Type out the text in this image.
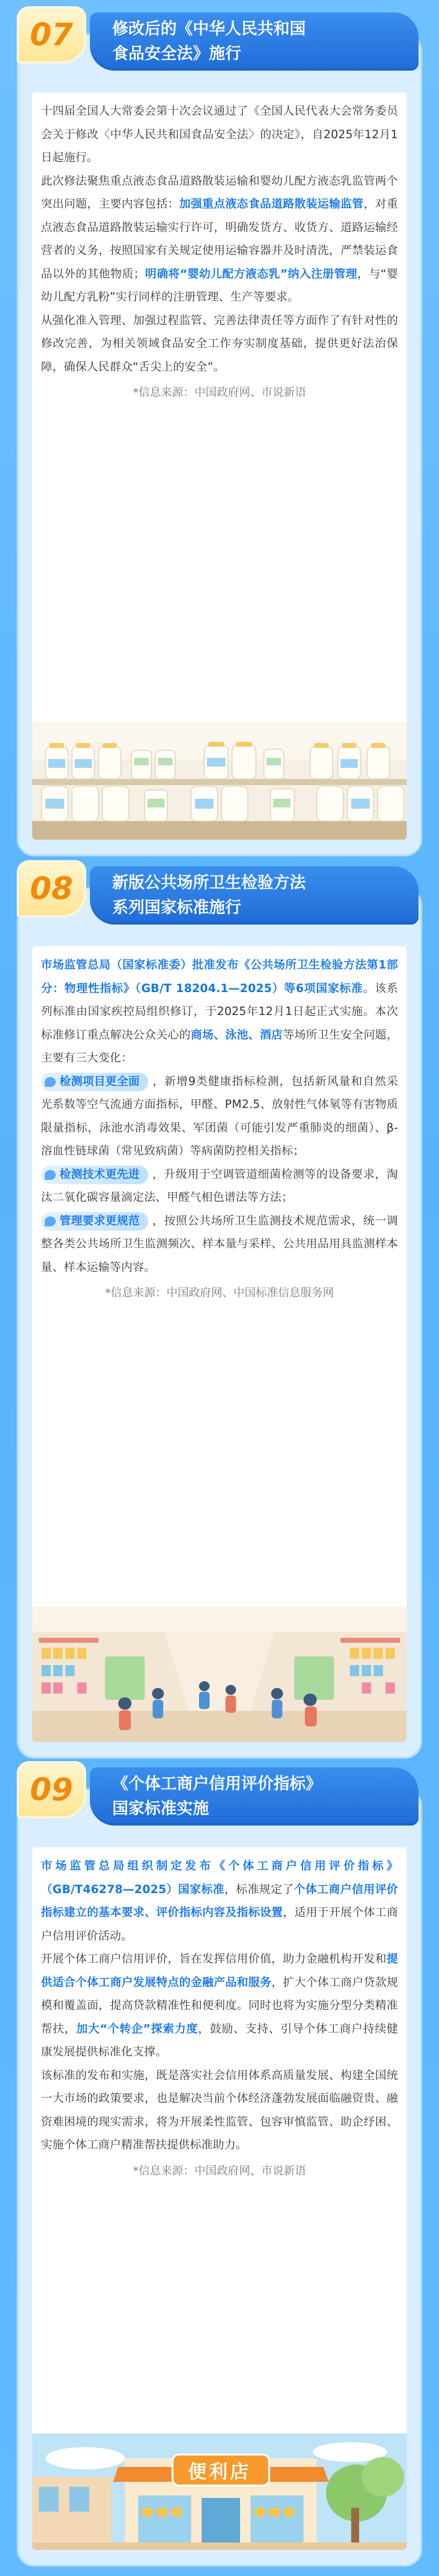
十四届全国人大常委会第十次会议通过了《全国人民代表大会常务委员会关于修改〈中华人民共和国食品安全法〉的决定》，自2025年12月1日起施行。

此次修法聚焦重点液态食品道路散装运输和婴幼儿配方液态乳监管两个突出问题，主要内容包括：加强重点液态食品道路散装运输监管，对重点液态食品道路散装运输实行许可，明确发货方、收货方、道路运输经营者的义务，按照国家有关规定使用运输容器并及时清洗，严禁装运食品以外的其他物质；明确将“婴幼儿配方液态乳”纳入注册管理，与“婴幼儿配方乳粉”实行同样的注册管理、生产等要求。

从强化准入管理、加强过程监管、完善法律责任等方面作了有针对性的修改完善，为相关领域食品安全工作夯实制度基础，提供更好法治保障，确保人民群众“舌尖上的安全”。

*信息来源：中国政府网、市说新语

07	修改后的《中华人民共和国
食品安全法》施行

市场监管总局（国家标准委）批准发布《公共场所卫生检验方法第1部分：物理性指标》（GB/T 18204.1—2025）等6项国家标准。该系列标准由国家疾控局组织修订，于2025年12月1日起正式实施。本次标准修订重点解决公众关心的商场、泳池、酒店等场所卫生安全问题，主要有三大变化：

检测项目更全面 ，新增9类健康指标检测，包括新风量和自然采光系数等空气流通方面指标，甲醛、PM2.5、放射性气体氡等有害物质限量指标，泳池水消毒效果、军团菌（可能引发严重肺炎的细菌）、β-溶血性链球菌（常见致病菌）等病菌防控相关指标；

检测技术更先进 ，升级用于空调管道细菌检测等的设备要求，淘汰二氧化碳容量滴定法、甲醛气相色谱法等方法；

管理要求更规范 ，按照公共场所卫生监测技术规范需求，统一调整各类公共场所卫生监测频次、样本量与采样、公共用品用具监测样本量、样本运输等内容。

*信息来源：中国政府网、中国标准信息服务网

08	新版公共场所卫生检验方法
系列国家标准施行

市场监管总局组织制定发布《个体工商户信用评价指标》（GB/T46278—2025）国家标准，标准规定了个体工商户信用评价指标建立的基本要求、评价指标内容及指标设置，适用于开展个体工商户信用评价活动。

开展个体工商户信用评价，旨在发挥信用价值，助力金融机构开发和提供适合个体工商户发展特点的金融产品和服务，扩大个体工商户贷款规模和覆盖面，提高贷款精准性和便利度。同时也将为实施分型分类精准帮扶，加大“个转企”探索力度，鼓励、支持、引导个体工商户持续健康发展提供标准化支撑。

该标准的发布和实施，既是落实社会信用体系高质量发展、构建全国统一大市场的政策要求，也是解决当前个体经济蓬勃发展面临融资贵、融资难困境的现实需求，将为开展柔性监管、包容审慎监管、助企纾困、实施个体工商户精准帮扶提供标准助力。

*信息来源：中国政府网、市说新语

便利店
09	《个体工商户信用评价指标》
国家标准实施
